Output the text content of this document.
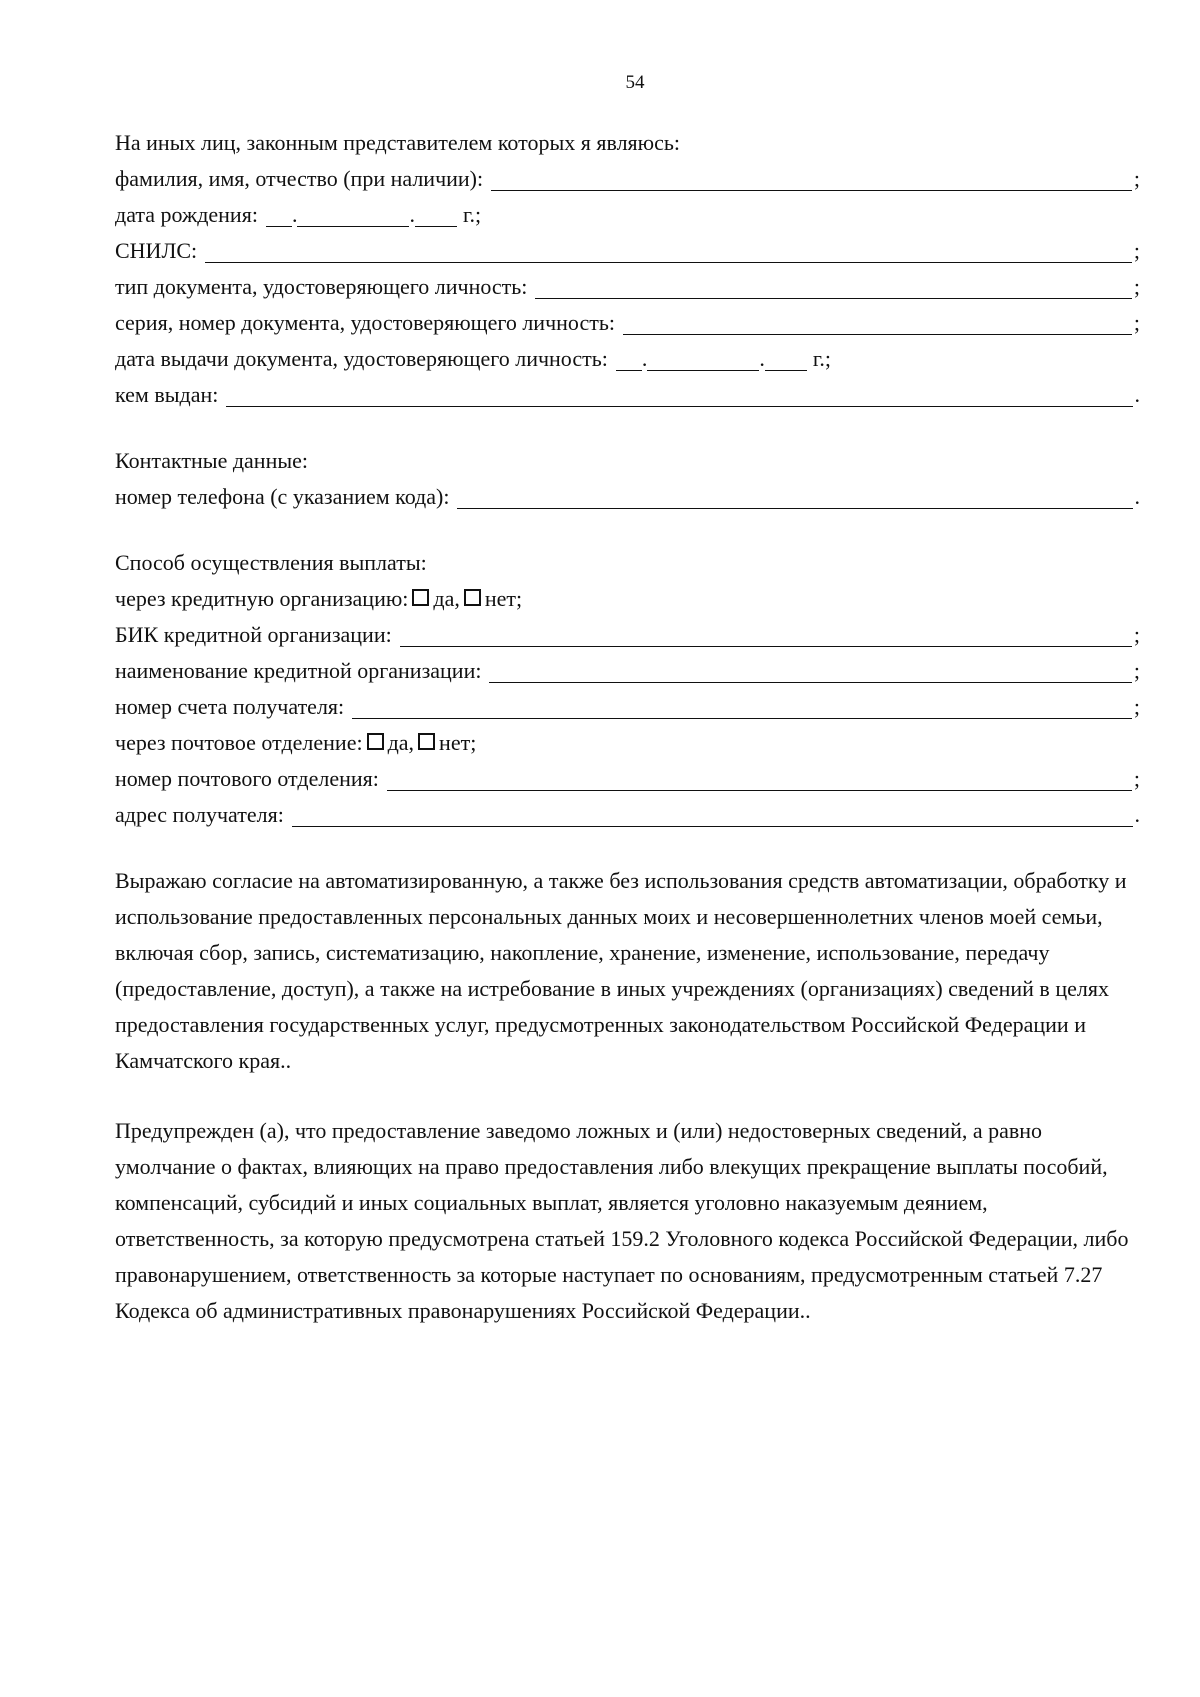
54
На иных лиц, законным представителем которых я являюсь:
фамилия, имя, отчество (при наличии):	;
дата рождения: .	. г.;
СНИЛС:	;
тип документа, удостоверяющего личность:	;
серия, номер документа, удостоверяющего личность:	;
дата выдачи документа, удостоверяющего личность: .	. г.;
кем выдан:	.
Контактные данные:
номер телефона (с указанием кода):	.
Способ осуществления выплаты:
через кредитную организацию: да, нет;
БИК кредитной организации:	;
наименование кредитной организации:	;
номер счета получателя:	;
через почтовое отделение: да, нет;
номер почтового отделения:	;
адрес получателя:	.

Выражаю согласие на автоматизированную, а также без использования средств автоматизации, обработку и использование предоставленных персональных данных моих и несовершеннолетних членов моей семьи, включая сбор, запись, систематизацию, накопление, хранение, изменение, использование, передачу (предоставление, доступ), а также на истребование в иных учреждениях (организациях) сведений в целях предоставления государственных услуг, предусмотренных законодательством Российской Федерации и Камчатского края..

Предупрежден (а), что предоставление заведомо ложных и (или) недостоверных сведений, а равно умолчание о фактах, влияющих на право предоставления либо влекущих прекращение выплаты пособий, компенсаций, субсидий и иных социальных выплат, является уголовно наказуемым деянием, ответственность, за которую предусмотрена статьей 159.2 Уголовного кодекса Российской Федерации, либо правонарушением, ответственность за которые наступает по основаниям, предусмотренным статьей 7.27 Кодекса об административных правонарушениях Российской Федерации..
